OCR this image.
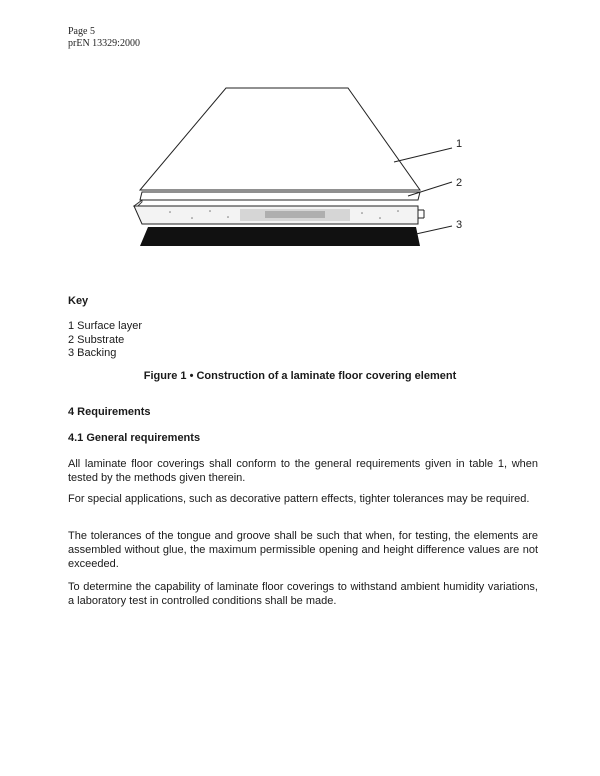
Page 5
prEN 13329:2000
1
2
3
Key
1 Surface layer
2 Substrate
3 Backing
Figure 1 • Construction of a laminate floor covering element
4 Requirements
4.1 General requirements
All laminate floor coverings shall conform to the general requirements given in table 1, when tested by the methods given therein.
For special applications, such as decorative pattern effects, tighter tolerances may be required.
The tolerances of the tongue and groove shall be such that when, for testing, the elements are assembled without glue, the maximum permissible opening and height difference values are not exceeded.
To determine the capability of laminate floor coverings to withstand ambient humidity variations, a laboratory test in controlled conditions shall be made.
